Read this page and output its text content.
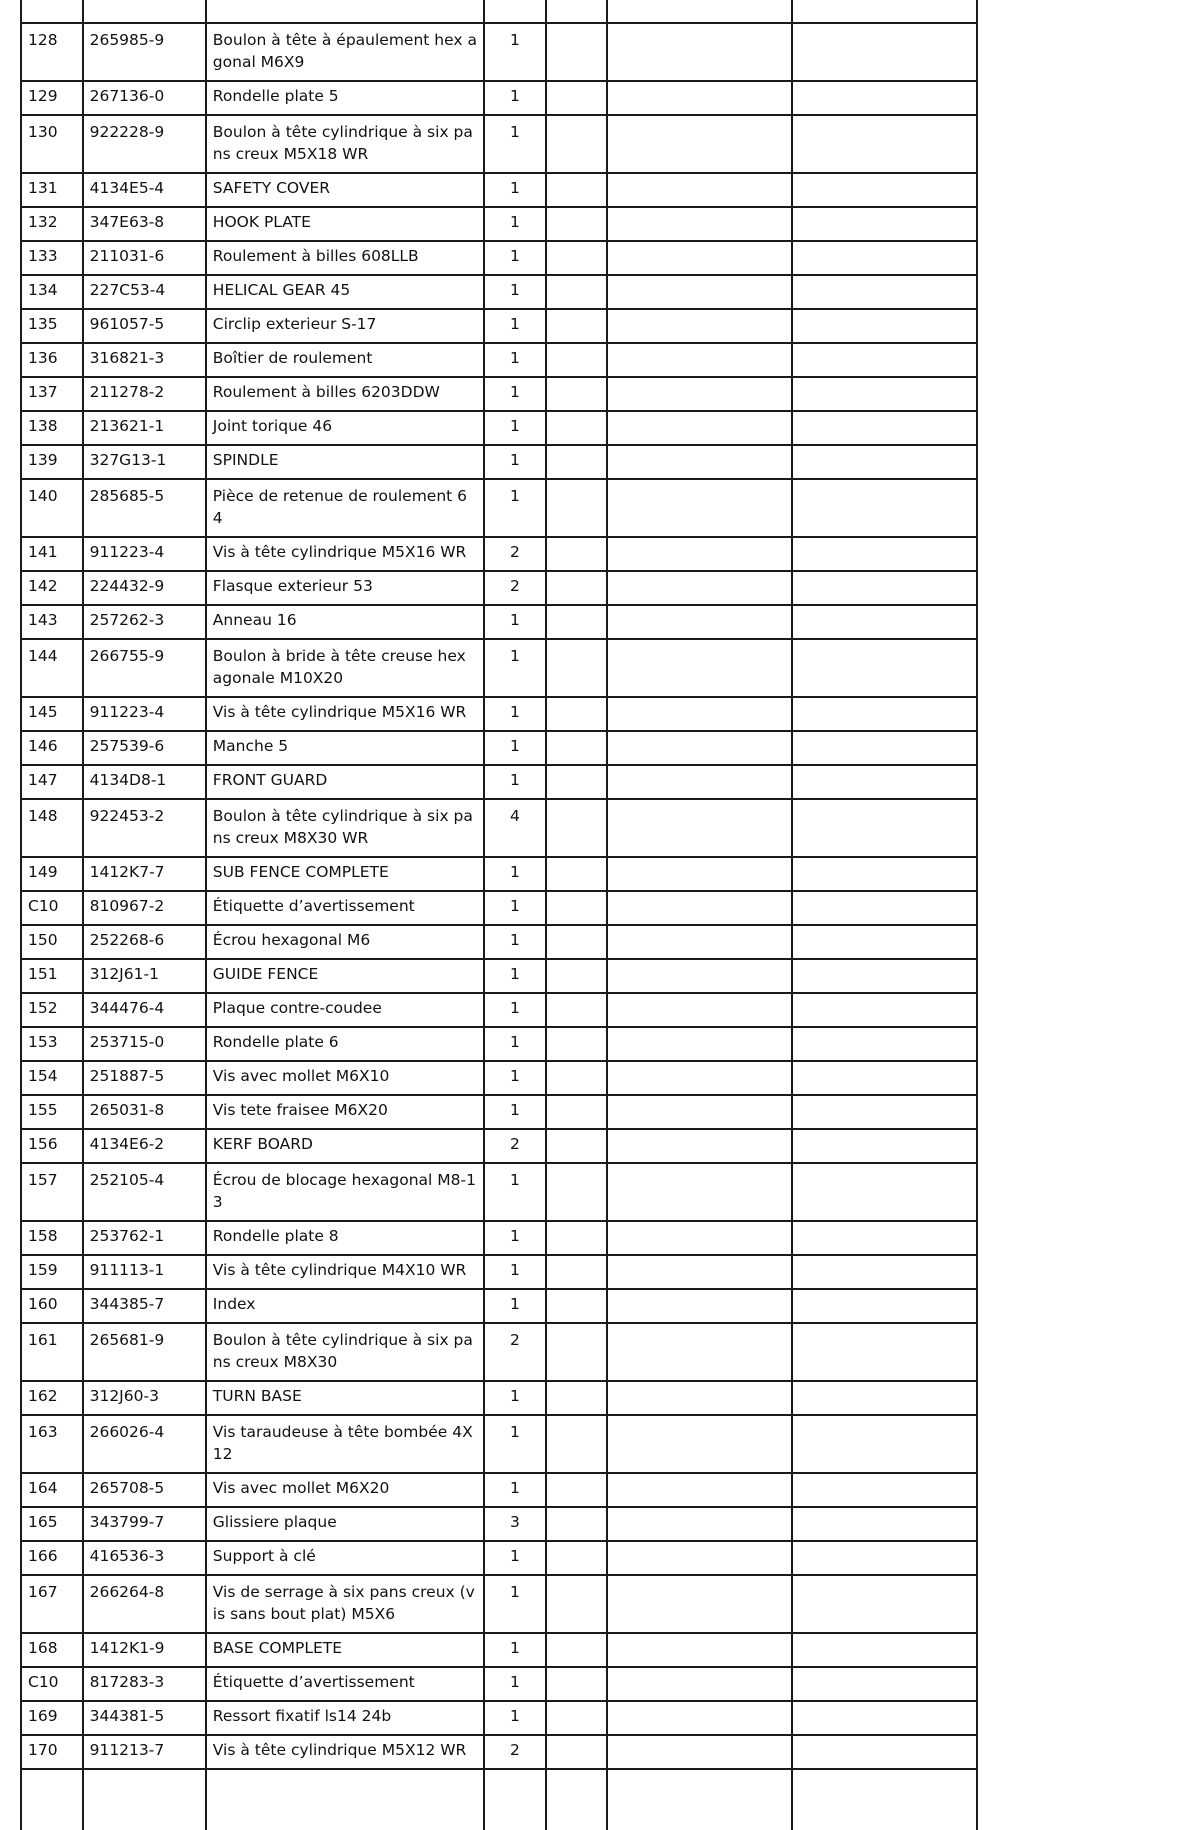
128	265985-9	Boulon à tête à épaulement hex agonal M6X9	1			
129	267136-0	Rondelle plate 5	1			
130	922228-9	Boulon à tête cylindrique à six pa ns creux M5X18 WR	1			
131	4134E5-4	SAFETY COVER	1			
132	347E63-8	HOOK PLATE	1			
133	211031-6	Roulement à billes 608LLB	1			
134	227C53-4	HELICAL GEAR 45	1			
135	961057-5	Circlip exterieur S-17	1			
136	316821-3	Boîtier de roulement	1			
137	211278-2	Roulement à billes 6203DDW	1			
138	213621-1	Joint torique 46	1			
139	327G13-1	SPINDLE	1			
140	285685-5	Pièce de retenue de roulement 6 4	1			
141	911223-4	Vis à tête cylindrique M5X16 WR	2			
142	224432-9	Flasque exterieur 53	2			
143	257262-3	Anneau 16	1			
144	266755-9	Boulon à bride à tête creuse hex agonale M10X20	1			
145	911223-4	Vis à tête cylindrique M5X16 WR	1			
146	257539-6	Manche 5	1			
147	4134D8-1	FRONT GUARD	1			
148	922453-2	Boulon à tête cylindrique à six pa ns creux M8X30 WR	4			
149	1412K7-7	SUB FENCE COMPLETE	1			
C10	810967-2	Étiquette d’avertissement	1			
150	252268-6	Écrou hexagonal M6	1			
151	312J61-1	GUIDE FENCE	1			
152	344476-4	Plaque contre-coudee	1			
153	253715-0	Rondelle plate 6	1			
154	251887-5	Vis avec mollet M6X10	1			
155	265031-8	Vis tete fraisee M6X20	1			
156	4134E6-2	KERF BOARD	2			
157	252105-4	Écrou de blocage hexagonal M8-13	1			
158	253762-1	Rondelle plate 8	1			
159	911113-1	Vis à tête cylindrique M4X10 WR	1			
160	344385-7	Index	1			
161	265681-9	Boulon à tête cylindrique à six pa ns creux M8X30	2			
162	312J60-3	TURN BASE	1			
163	266026-4	Vis taraudeuse à tête bombée 4X 12	1			
164	265708-5	Vis avec mollet M6X20	1			
165	343799-7	Glissiere plaque	3			
166	416536-3	Support à clé	1			
167	266264-8	Vis de serrage à six pans creux (v is sans bout plat) M5X6	1			
168	1412K1-9	BASE COMPLETE	1			
C10	817283-3	Étiquette d’avertissement	1			
169	344381-5	Ressort fixatif ls14 24b	1			
170	911213-7	Vis à tête cylindrique M5X12 WR	2			
